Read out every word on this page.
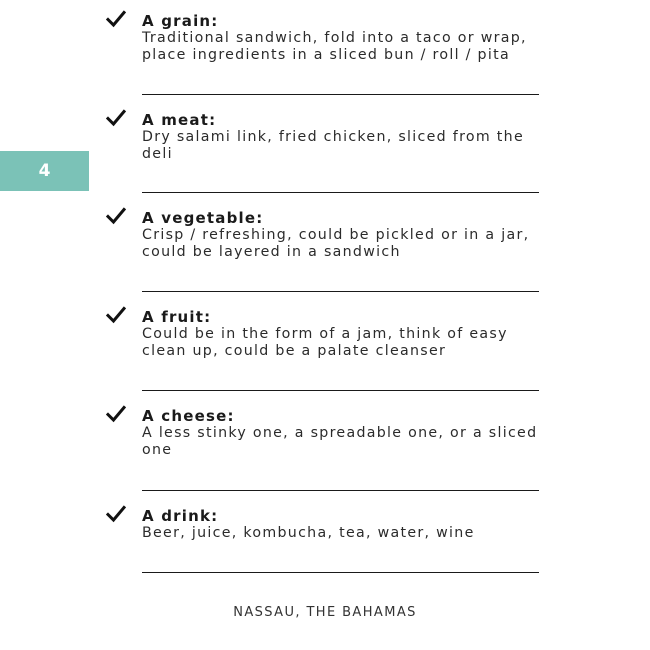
4
A grain:
Traditional sandwich, fold into a taco or wrap, place ingredients in a sliced bun / roll / pita
A meat:
Dry salami link, fried chicken, sliced from the deli
A vegetable:
Crisp / refreshing, could be pickled or in a jar, could be layered in a sandwich
A fruit:
Could be in the form of a jam, think of easy clean up, could be a palate cleanser
A cheese:
A less stinky one, a spreadable one, or a sliced one
A drink:
Beer, juice, kombucha, tea, water, wine
NASSAU, THE BAHAMAS
